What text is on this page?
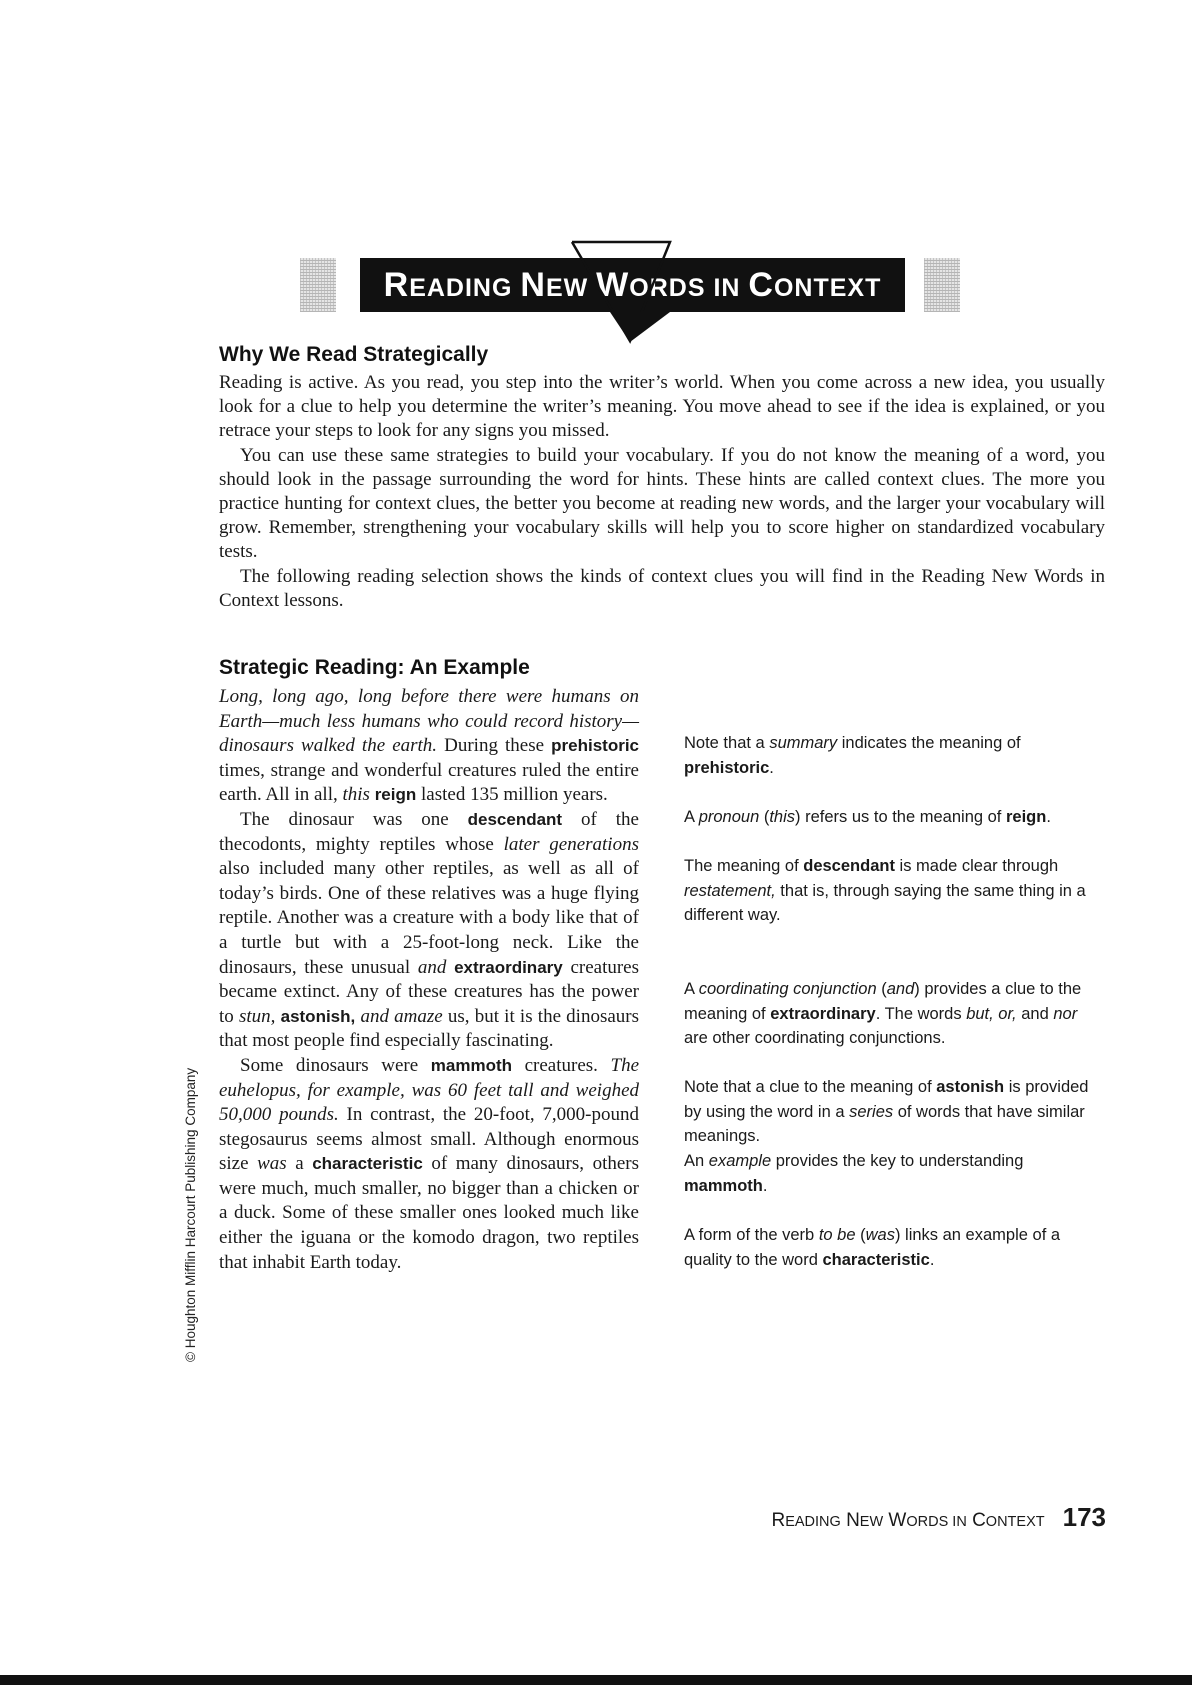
READING NEW WORDS IN CONTEXT
Why We Read Strategically

Reading is active. As you read, you step into the writer’s world. When you come across a new idea, you usually look for a clue to help you determine the writer’s meaning. You move ahead to see if the idea is explained, or you retrace your steps to look for any signs you missed.

You can use these same strategies to build your vocabulary. If you do not know the meaning of a word, you should look in the passage surrounding the word for hints. These hints are called context clues. The more you practice hunting for context clues, the better you become at reading new words, and the larger your vocabulary will grow. Remember, strengthening your vocabulary skills will help you to score higher on standardized vocabulary tests.

The following reading selection shows the kinds of context clues you will find in the Reading New Words in Context lessons.

Strategic Reading: An Example

Long, long ago, long before there were humans on Earth—much less humans who could record history—dinosaurs walked the earth. During these prehistoric times, strange and wonderful creatures ruled the entire earth. All in all, this reign lasted 135 million years.

The dinosaur was one descendant of the thecodonts, mighty reptiles whose later generations also included many other reptiles, as well as all of today’s birds. One of these relatives was a huge flying reptile. Another was a creature with a body like that of a turtle but with a 25-foot-long neck. Like the dinosaurs, these unusual and extraordinary creatures became extinct. Any of these creatures has the power to stun, astonish, and amaze us, but it is the dinosaurs that most people find especially fascinating.

Some dinosaurs were mammoth creatures. The euhelopus, for example, was 60 feet tall and weighed 50,000 pounds. In contrast, the 20-foot, 7,000-pound stegosaurus seems almost small. Although enormous size was a characteristic of many dinosaurs, others were much, much smaller, no bigger than a chicken or a duck. Some of these smaller ones looked much like either the iguana or the komodo dragon, two reptiles that inhabit Earth today.

Note that a summary indicates the meaning of prehistoric.

A pronoun (this) refers us to the meaning of reign.

The meaning of descendant is made clear through restatement, that is, through saying the same thing in a different way.

A coordinating conjunction (and) provides a clue to the meaning of extraordinary. The words but, or, and nor are other coordinating conjunctions.

Note that a clue to the meaning of astonish is provided by using the word in a series of words that have similar meanings.

An example provides the key to understanding mammoth.

A form of the verb to be (was) links an example of a quality to the word characteristic.

© Houghton Mifflin Harcourt Publishing Company
READING NEW WORDS IN CONTEXT 173
